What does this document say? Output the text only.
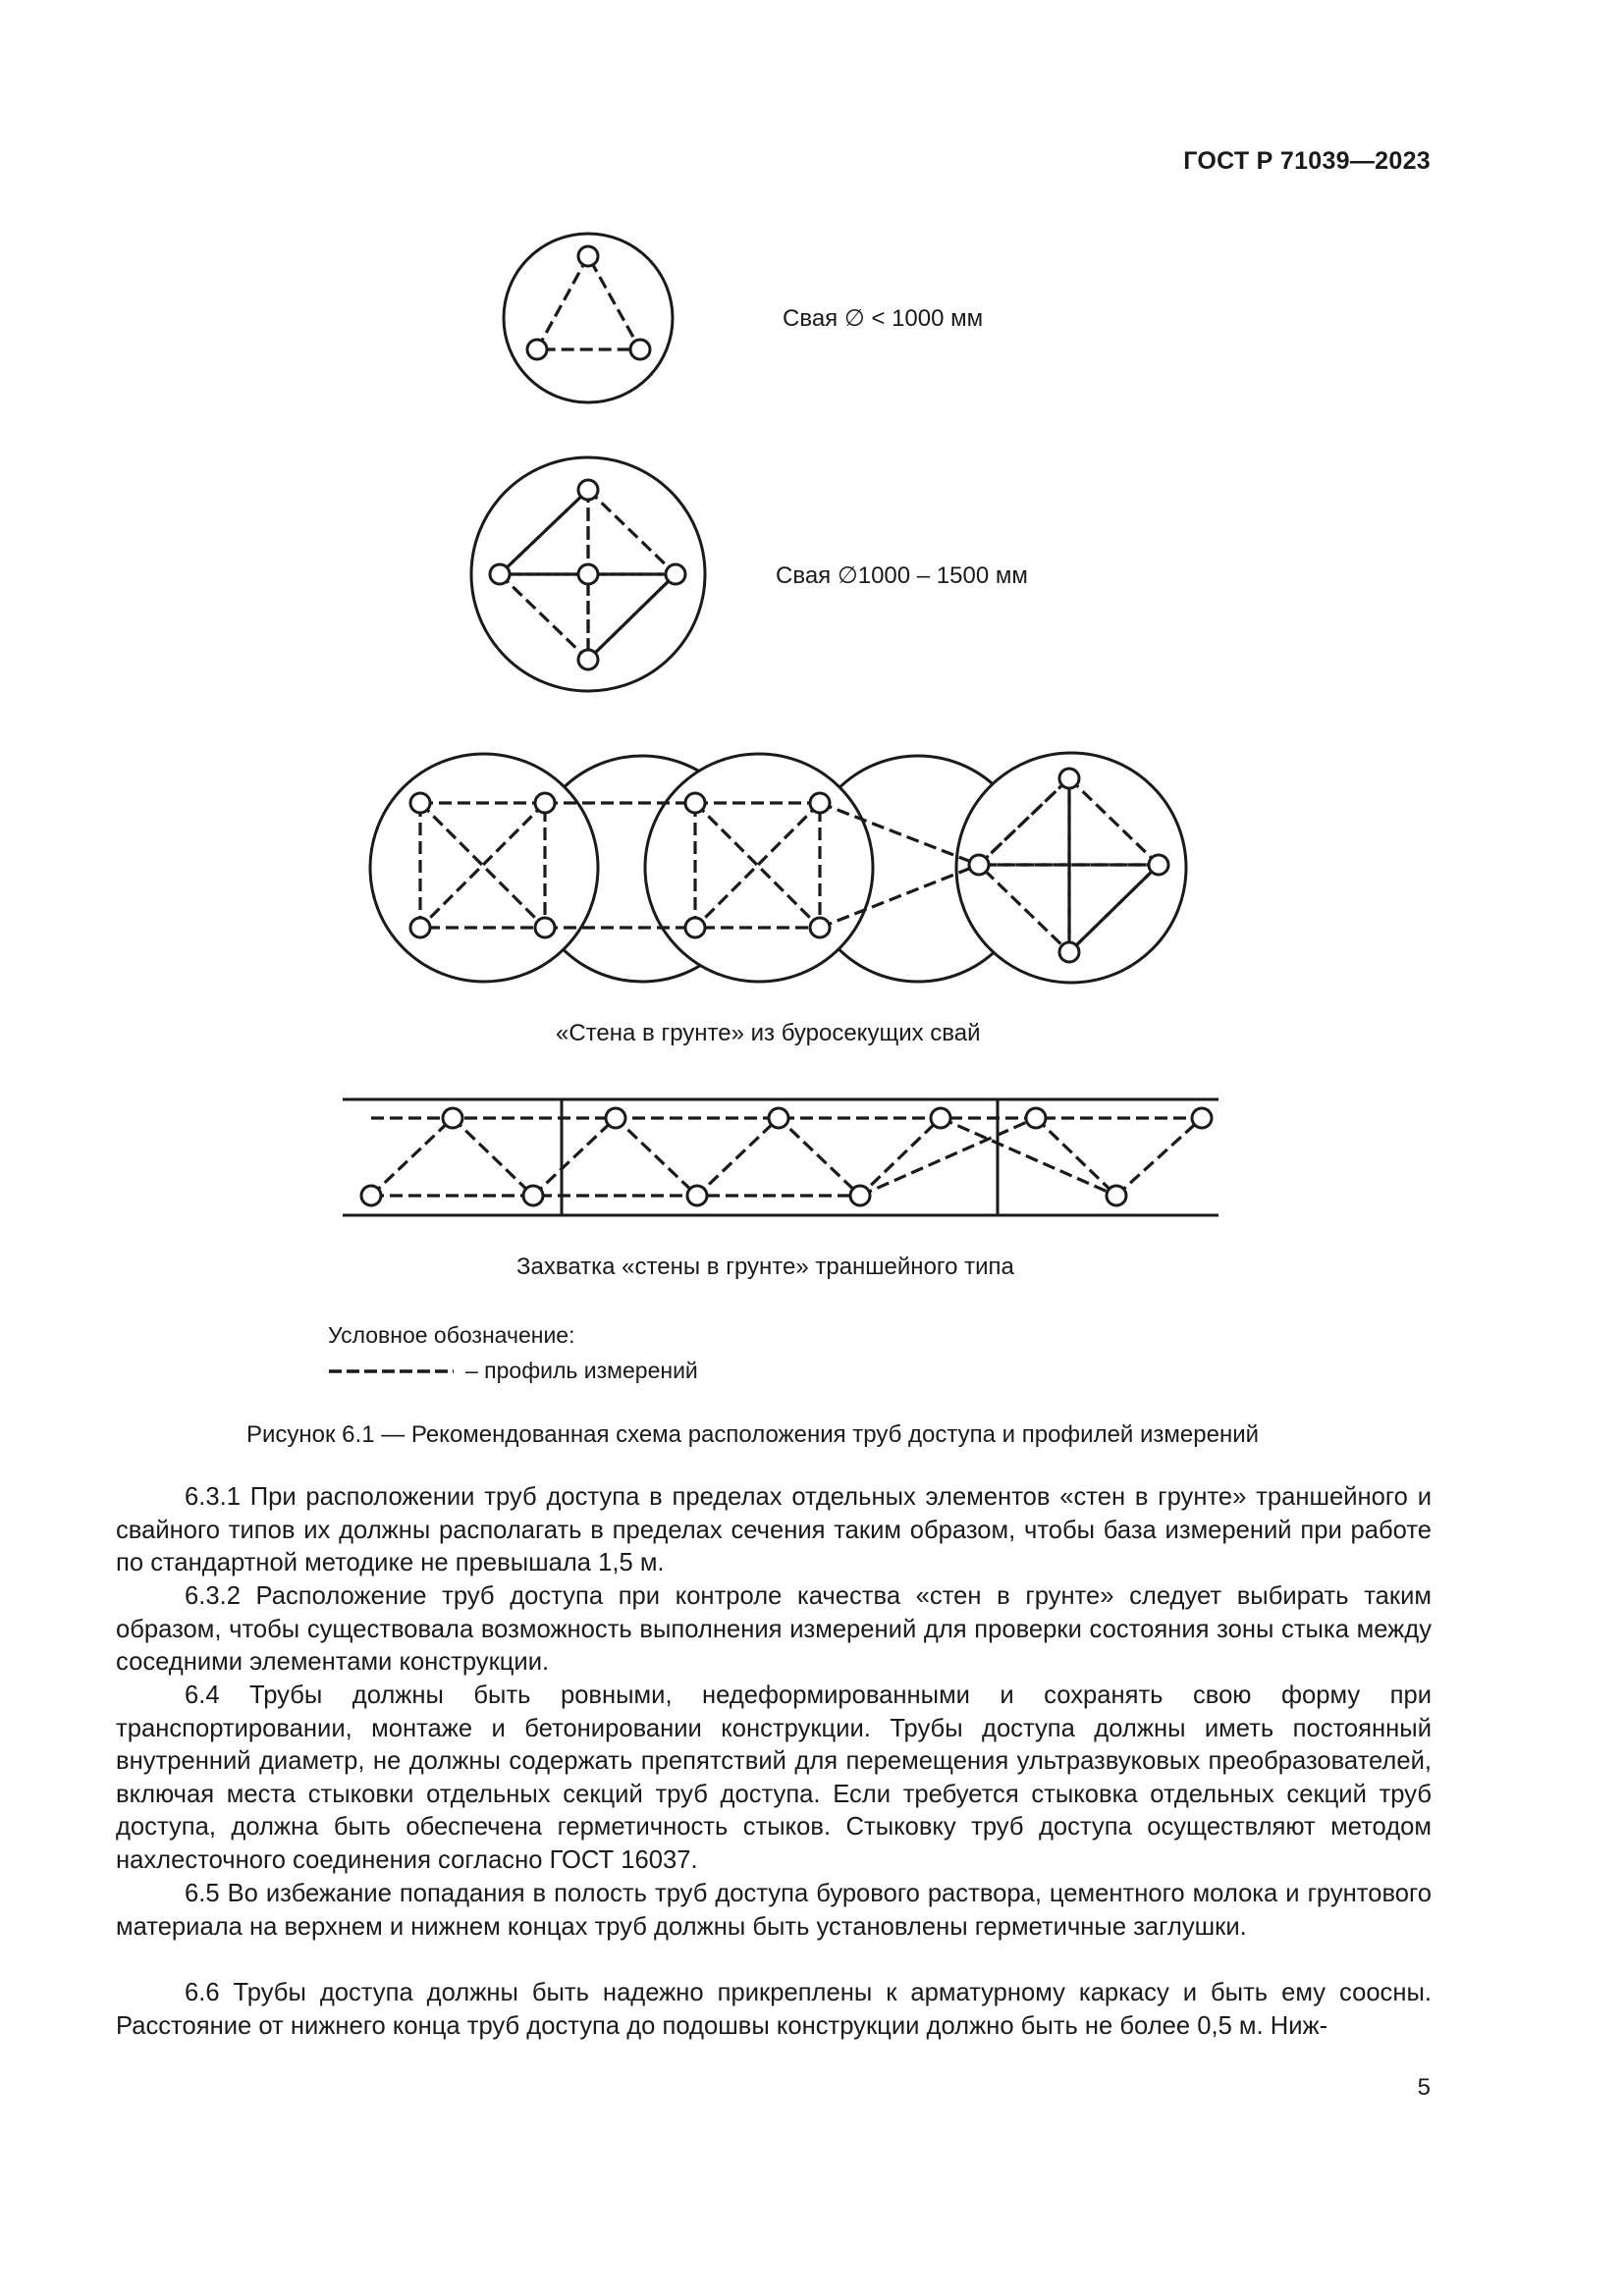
ГОСТ Р 71039—2023
Свая ∅ < 1000 мм
Свая ∅1000 – 1500 мм
«Стена в грунте» из буросекущих свай
Захватка «стены в грунте» траншейного типа
Условное обозначение:
– профиль измерений
Рисунок 6.1 — Рекомендованная схема расположения труб доступа и профилей измерений

6.3.1 При расположении труб доступа в пределах отдельных элементов «стен в грунте» траншейного и свайного типов их должны располагать в пределах сечения таким образом, чтобы база измерений при работе по стандартной методике не превышала 1,5 м.

6.3.2 Расположение труб доступа при контроле качества «стен в грунте» следует выбирать таким образом, чтобы существовала возможность выполнения измерений для проверки состояния зоны стыка между соседними элементами конструкции.

6.4 Трубы должны быть ровными, недеформированными и сохранять свою форму при транспортировании, монтаже и бетонировании конструкции. Трубы доступа должны иметь постоянный внутренний диаметр, не должны содержать препятствий для перемещения ультразвуковых преобразователей, включая места стыковки отдельных секций труб доступа. Если требуется стыковка отдельных секций труб доступа, должна быть обеспечена герметичность стыков. Стыковку труб доступа осуществляют методом нахлесточного соединения согласно ГОСТ 16037.

6.5 Во избежание попадания в полость труб доступа бурового раствора, цементного молока и грунтового материала на верхнем и нижнем концах труб должны быть установлены герметичные заглушки.

6.6 Трубы доступа должны быть надежно прикреплены к арматурному каркасу и быть ему соосны. Расстояние от нижнего конца труб доступа до подошвы конструкции должно быть не более 0,5 м. Ниж-

5
